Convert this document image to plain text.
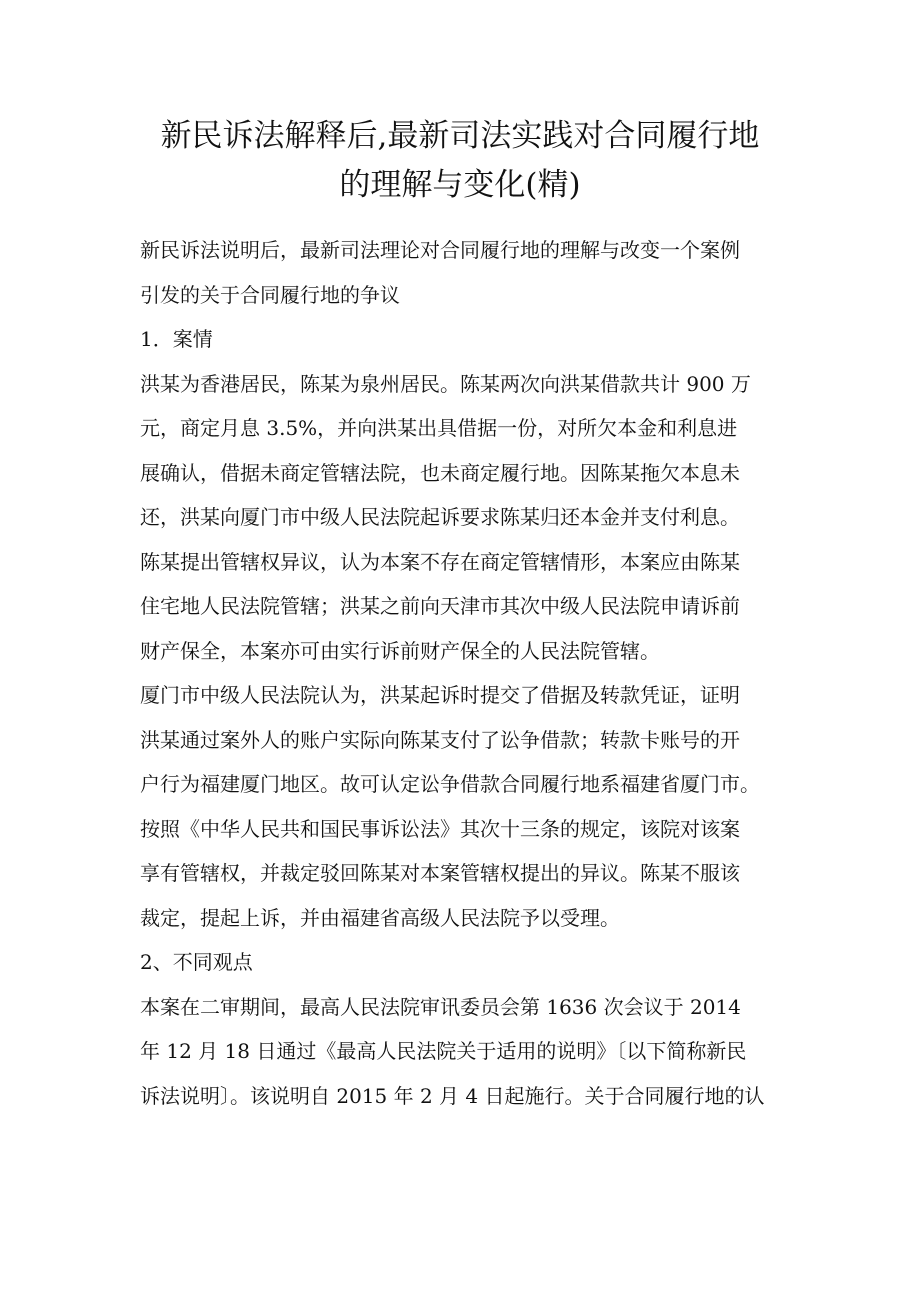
新民诉法解释后,最新司法实践对合同履行地
的理解与变化(精)
新民诉法说明后，最新司法理论对合同履行地的理解与改变一个案例
引发的关于合同履行地的争议
1．案情
洪某为香港居民，陈某为泉州居民。陈某两次向洪某借款共计 900 万
元，商定月息 3.5%，并向洪某出具借据一份，对所欠本金和利息进
展确认，借据未商定管辖法院，也未商定履行地。因陈某拖欠本息未
还，洪某向厦门市中级人民法院起诉要求陈某归还本金并支付利息。
陈某提出管辖权异议，认为本案不存在商定管辖情形，本案应由陈某
住宅地人民法院管辖；洪某之前向天津市其次中级人民法院申请诉前
财产保全，本案亦可由实行诉前财产保全的人民法院管辖。
厦门市中级人民法院认为，洪某起诉时提交了借据及转款凭证，证明
洪某通过案外人的账户实际向陈某支付了讼争借款；转款卡账号的开
户行为福建厦门地区。故可认定讼争借款合同履行地系福建省厦门市。
按照《中华人民共和国民事诉讼法》其次十三条的规定，该院对该案
享有管辖权，并裁定驳回陈某对本案管辖权提出的异议。陈某不服该
裁定，提起上诉，并由福建省高级人民法院予以受理。
2、不同观点
本案在二审期间，最高人民法院审讯委员会第 1636 次会议于 2014
年 12 月 18 日通过《最高人民法院关于适用的说明》〔以下简称新民
诉法说明〕。该说明自 2015 年 2 月 4 日起施行。关于合同履行地的认
